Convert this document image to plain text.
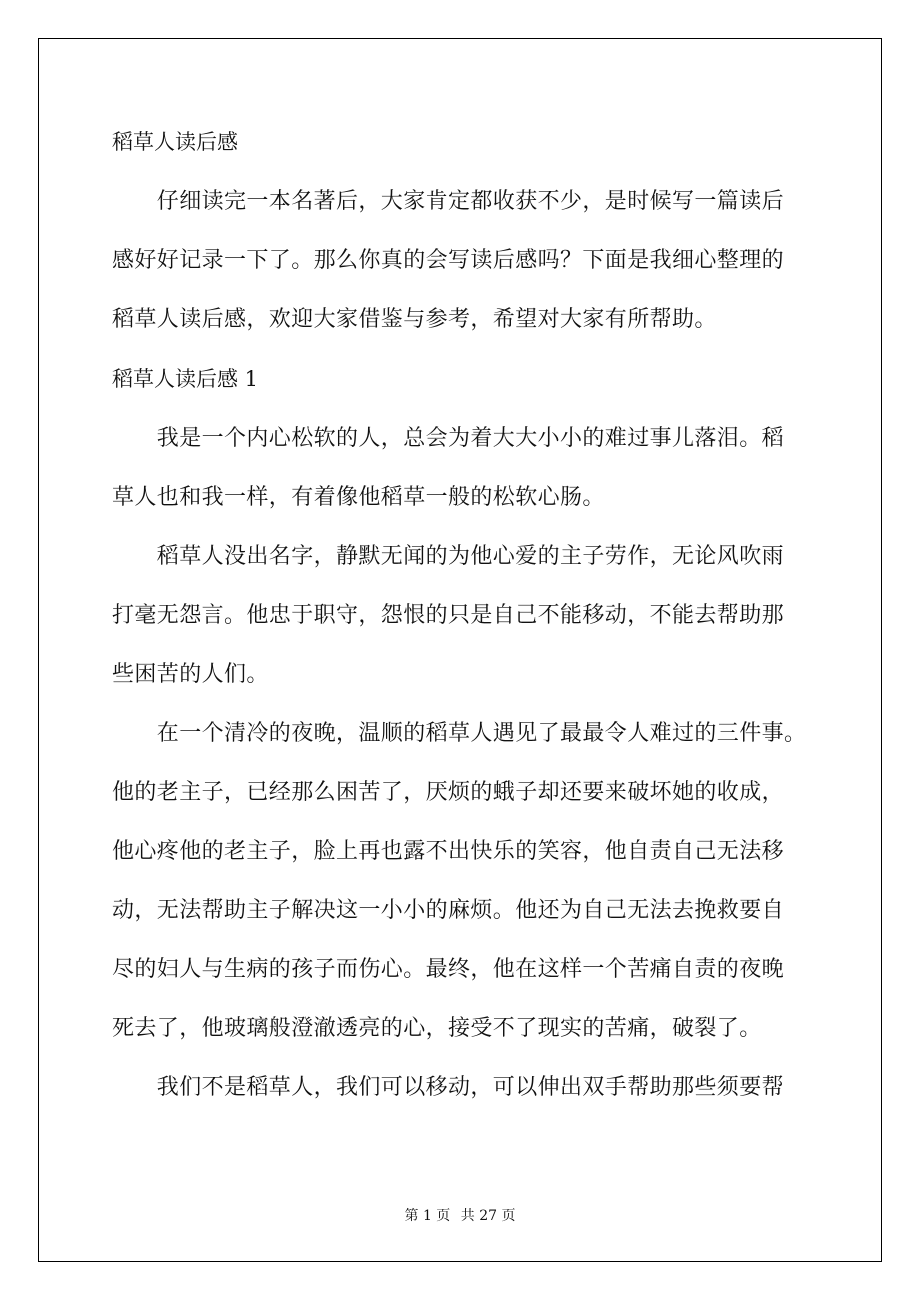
稻草人读后感
　　仔细读完一本名著后，大家肯定都收获不少，是时候写一篇读后
感好好记录一下了。那么你真的会写读后感吗？下面是我细心整理的
稻草人读后感，欢迎大家借鉴与参考，希望对大家有所帮助。
稻草人读后感 1
　　我是一个内心松软的人，总会为着大大小小的难过事儿落泪。稻
草人也和我一样，有着像他稻草一般的松软心肠。
　　稻草人没出名字，静默无闻的为他心爱的主子劳作，无论风吹雨
打毫无怨言。他忠于职守，怨恨的只是自己不能移动，不能去帮助那
些困苦的人们。
　　在一个清冷的夜晚，温顺的稻草人遇见了最最令人难过的三件事。
他的老主子，已经那么困苦了，厌烦的蛾子却还要来破坏她的收成，
他心疼他的老主子，脸上再也露不出快乐的笑容，他自责自己无法移
动，无法帮助主子解决这一小小的麻烦。他还为自己无法去挽救要自
尽的妇人与生病的孩子而伤心。最终，他在这样一个苦痛自责的夜晚
死去了，他玻璃般澄澈透亮的心，接受不了现实的苦痛，破裂了。
　　我们不是稻草人，我们可以移动，可以伸出双手帮助那些须要帮
第 1 页 共 27 页
